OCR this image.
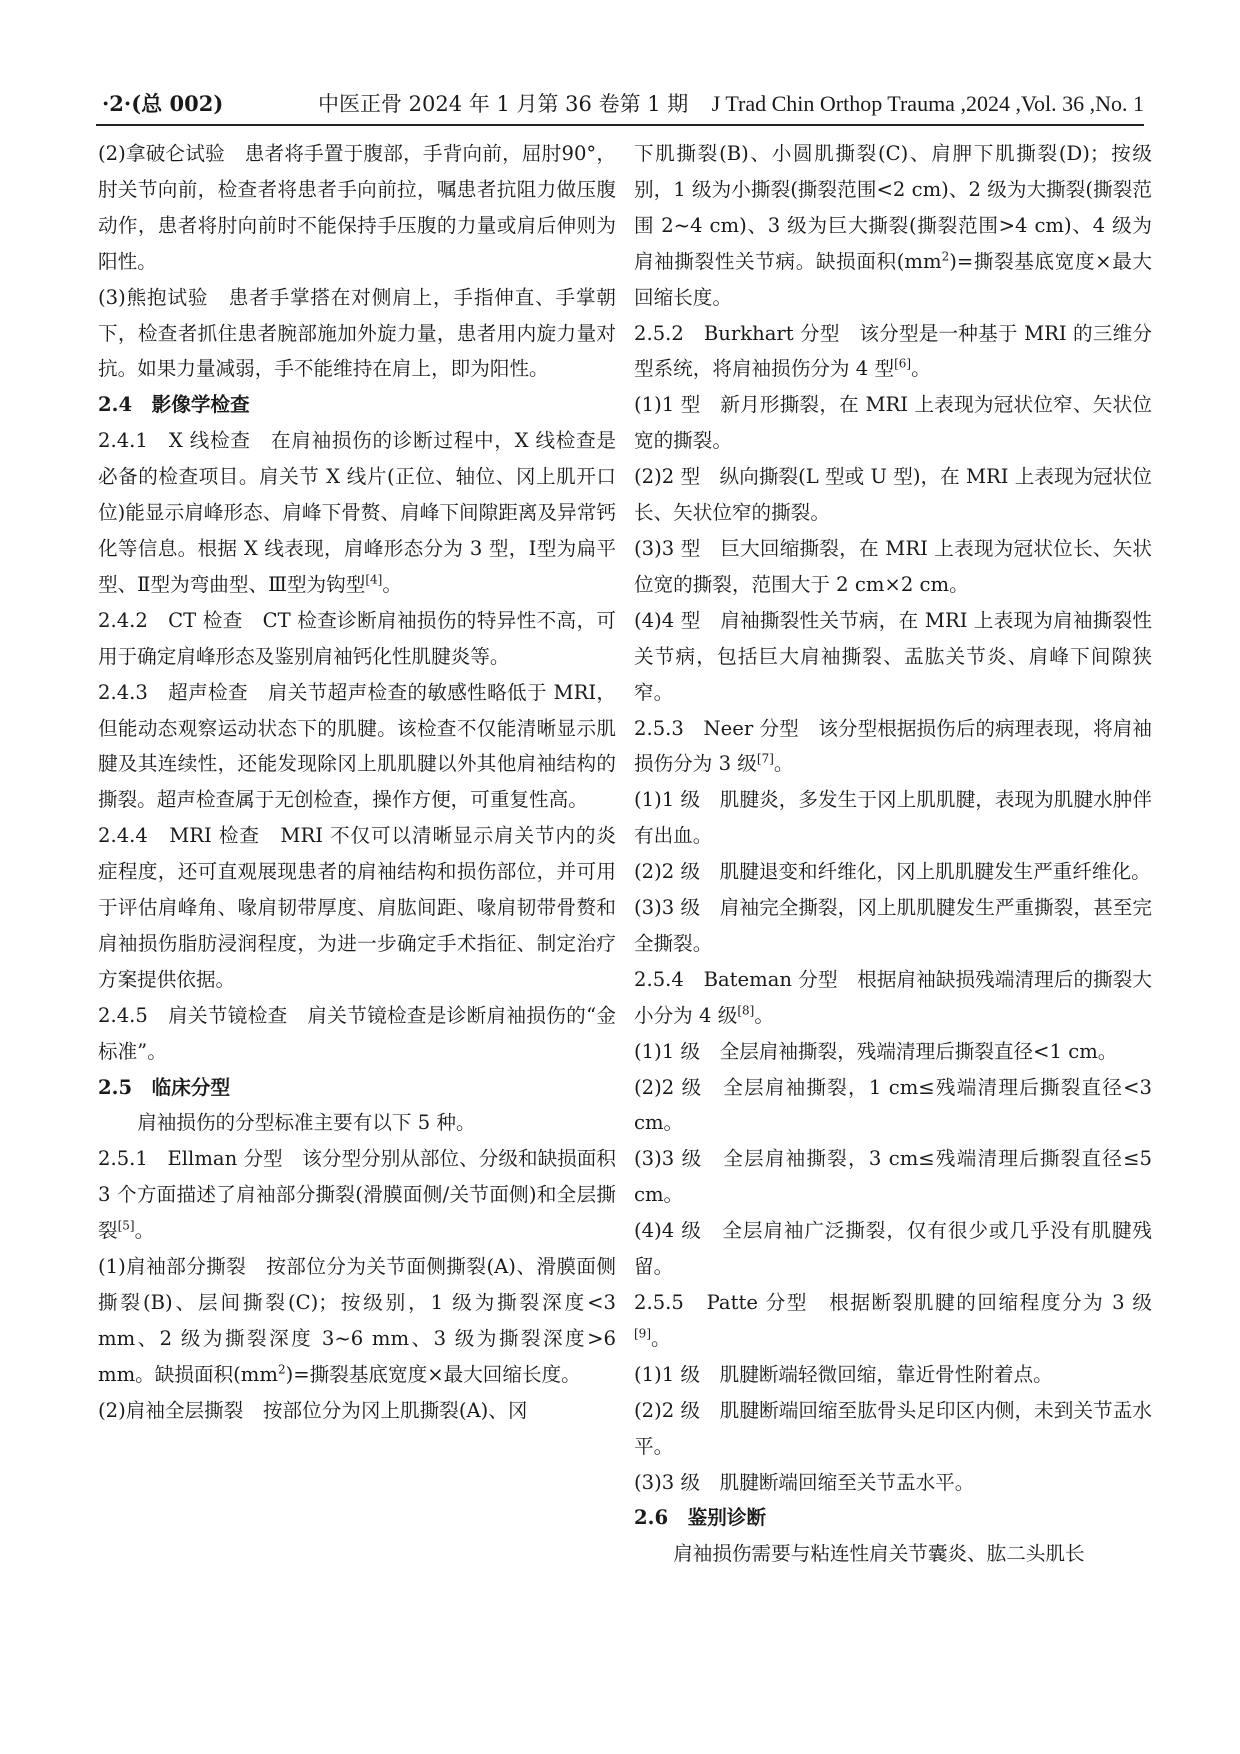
·2·(总 002)	中医正骨 2024 年 1 月第 36 卷第 1 期 J Trad Chin Orthop Trauma ,2024 ,Vol. 36 ,No. 1

(2)拿破仑试验　患者将手置于腹部，手背向前，屈肘90°，肘关节向前，检查者将患者手向前拉，嘱患者抗阻力做压腹动作，患者将肘向前时不能保持手压腹的力量或肩后伸则为阳性。

(3)熊抱试验　患者手掌搭在对侧肩上，手指伸直、手掌朝下，检查者抓住患者腕部施加外旋力量，患者用内旋力量对抗。如果力量减弱，手不能维持在肩上，即为阳性。

2.4　影像学检查

2.4.1　X 线检查　在肩袖损伤的诊断过程中，X 线检查是必备的检查项目。肩关节 X 线片(正位、轴位、冈上肌开口位)能显示肩峰形态、肩峰下骨赘、肩峰下间隙距离及异常钙化等信息。根据 X 线表现，肩峰形态分为 3 型，Ⅰ型为扁平型、Ⅱ型为弯曲型、Ⅲ型为钩型[4]。

2.4.2　CT 检查　CT 检查诊断肩袖损伤的特异性不高，可用于确定肩峰形态及鉴别肩袖钙化性肌腱炎等。

2.4.3　超声检查　肩关节超声检查的敏感性略低于 MRI，但能动态观察运动状态下的肌腱。该检查不仅能清晰显示肌腱及其连续性，还能发现除冈上肌肌腱以外其他肩袖结构的撕裂。超声检查属于无创检查，操作方便，可重复性高。

2.4.4　MRI 检查　MRI 不仅可以清晰显示肩关节内的炎症程度，还可直观展现患者的肩袖结构和损伤部位，并可用于评估肩峰角、喙肩韧带厚度、肩肱间距、喙肩韧带骨赘和肩袖损伤脂肪浸润程度，为进一步确定手术指征、制定治疗方案提供依据。

2.4.5　肩关节镜检查　肩关节镜检查是诊断肩袖损伤的“金标准”。

2.5　临床分型

肩袖损伤的分型标准主要有以下 5 种。

2.5.1　Ellman 分型　该分型分别从部位、分级和缺损面积 3 个方面描述了肩袖部分撕裂(滑膜面侧/关节面侧)和全层撕裂[5]。

(1)肩袖部分撕裂　按部位分为关节面侧撕裂(A)、滑膜面侧撕裂(B)、层间撕裂(C)；按级别，1 级为撕裂深度<3 mm、2 级为撕裂深度 3~6 mm、3 级为撕裂深度>6 mm。缺损面积$(mm^2)=$撕裂基底宽度×最大回缩长度。

(2)肩袖全层撕裂　按部位分为冈上肌撕裂(A)、冈

下肌撕裂(B)、小圆肌撕裂(C)、肩胛下肌撕裂(D)；按级别，1 级为小撕裂(撕裂范围<2 cm)、2 级为大撕裂(撕裂范围 2~4 cm)、3 级为巨大撕裂(撕裂范围>4 cm)、4 级为肩袖撕裂性关节病。缺损面积$(mm^2)=$撕裂基底宽度×最大回缩长度。

2.5.2　Burkhart 分型　该分型是一种基于 MRI 的三维分型系统，将肩袖损伤分为 4 型[6]。

(1)1 型　新月形撕裂，在 MRI 上表现为冠状位窄、矢状位宽的撕裂。

(2)2 型　纵向撕裂(L 型或 U 型)，在 MRI 上表现为冠状位长、矢状位窄的撕裂。

(3)3 型　巨大回缩撕裂，在 MRI 上表现为冠状位长、矢状位宽的撕裂，范围大于 2 cm×2 cm。

(4)4 型　肩袖撕裂性关节病，在 MRI 上表现为肩袖撕裂性关节病，包括巨大肩袖撕裂、盂肱关节炎、肩峰下间隙狭窄。

2.5.3　Neer 分型　该分型根据损伤后的病理表现，将肩袖损伤分为 3 级[7]。

(1)1 级　肌腱炎，多发生于冈上肌肌腱，表现为肌腱水肿伴有出血。

(2)2 级　肌腱退变和纤维化，冈上肌肌腱发生严重纤维化。

(3)3 级　肩袖完全撕裂，冈上肌肌腱发生严重撕裂，甚至完全撕裂。

2.5.4　Bateman 分型　根据肩袖缺损残端清理后的撕裂大小分为 4 级[8]。

(1)1 级　全层肩袖撕裂，残端清理后撕裂直径<1 cm。

(2)2 级　全层肩袖撕裂，1 cm≤残端清理后撕裂直径<3 cm。

(3)3 级　全层肩袖撕裂，3 cm≤残端清理后撕裂直径≤5 cm。

(4)4 级　全层肩袖广泛撕裂，仅有很少或几乎没有肌腱残留。

2.5.5　Patte 分型　根据断裂肌腱的回缩程度分为 3 级[9]。

(1)1 级　肌腱断端轻微回缩，靠近骨性附着点。

(2)2 级　肌腱断端回缩至肱骨头足印区内侧，未到关节盂水平。

(3)3 级　肌腱断端回缩至关节盂水平。

2.6　鉴别诊断

肩袖损伤需要与粘连性肩关节囊炎、肱二头肌长
